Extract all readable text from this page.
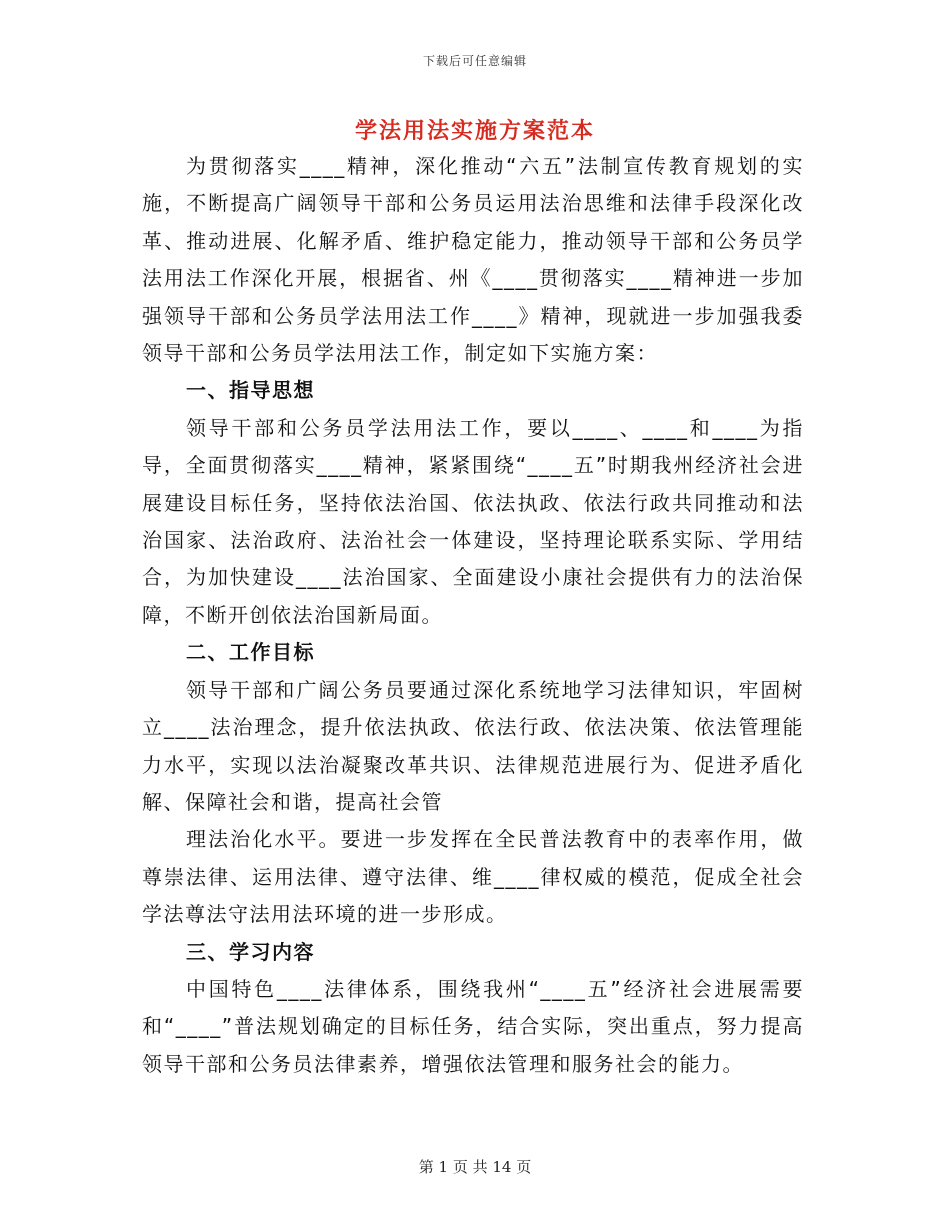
下载后可任意编辑
学法用法实施方案范本

为贯彻落实____精神，深化推动“六五”法制宣传教育规划的实施，不断提高广阔领导干部和公务员运用法治思维和法律手段深化改革、推动进展、化解矛盾、维护稳定能力，推动领导干部和公务员学法用法工作深化开展，根据省、州《____贯彻落实____精神进一步加强领导干部和公务员学法用法工作____》精神，现就进一步加强我委领导干部和公务员学法用法工作，制定如下实施方案：

一、指导思想

领导干部和公务员学法用法工作，要以____、____和____为指导，全面贯彻落实____精神，紧紧围绕“____五”时期我州经济社会进展建设目标任务，坚持依法治国、依法执政、依法行政共同推动和法治国家、法治政府、法治社会一体建设，坚持理论联系实际、学用结合，为加快建设____法治国家、全面建设小康社会提供有力的法治保障，不断开创依法治国新局面。

二、工作目标

领导干部和广阔公务员要通过深化系统地学习法律知识，牢固树立____法治理念，提升依法执政、依法行政、依法决策、依法管理能力水平，实现以法治凝聚改革共识、法律规范进展行为、促进矛盾化解、保障社会和谐，提高社会管

理法治化水平。要进一步发挥在全民普法教育中的表率作用，做尊崇法律、运用法律、遵守法律、维____律权威的模范，促成全社会学法尊法守法用法环境的进一步形成。

三、学习内容

中国特色____法律体系，围绕我州“____五”经济社会进展需要和“____”普法规划确定的目标任务，结合实际，突出重点，努力提高领导干部和公务员法律素养，增强依法管理和服务社会的能力。

第 1 页 共 14 页
